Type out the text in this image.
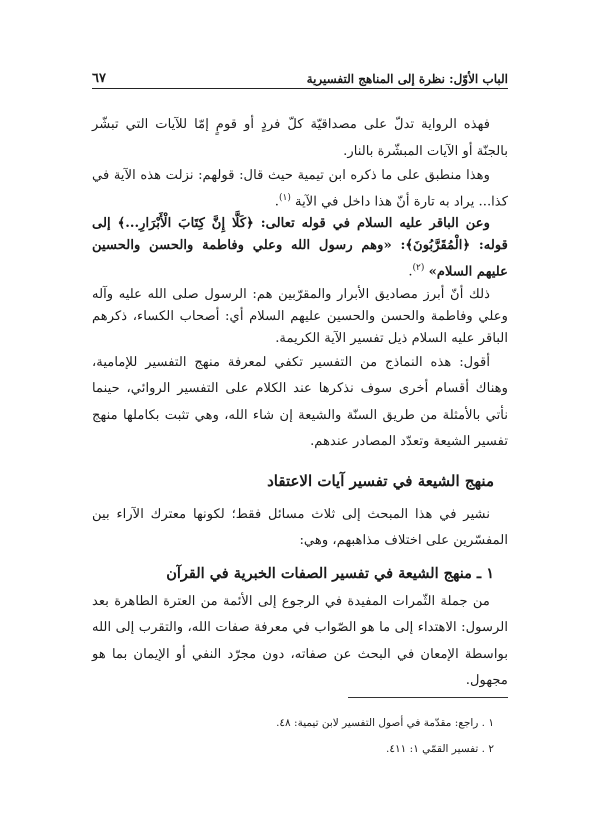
الباب الأوّل: نظرة إلى المناهج التفسيرية
٦٧

فهذه الرواية تدلّ على مصداقيّة كلّ فردٍ أو قومٍ إمّا للآيات التي تبشّر بالجنّة أو الآيات المبشّرة بالنار.

وهذا منطبق على ما ذكره ابن تيمية حيث قال: قولهم: نزلت هذه الآية في كذا... يراد به تارة أنّ هذا داخل في الآية $^{(١)}$.

وعن الباقر عليه السلام في قوله تعالى: ﴿كَلَّا إِنَّ كِتَابَ الْأَبْرَارِ...﴾ إلى قوله: ﴿الْمُقَرَّبُونَ﴾: «وهم رسول الله وعلي وفاطمة والحسن والحسين عليهم السلام» $^{(٢)}$.

ذلك أنّ أبرز مصاديق الأبرار والمقرّبين هم: الرسول صلى الله عليه وآله وعلي وفاطمة والحسن والحسين عليهم السلام أي: أصحاب الكساء، ذكرهم الباقر عليه السلام ذيل تفسير الآية الكريمة.

أقول: هذه النماذج من التفسير تكفي لمعرفة منهج التفسير للإمامية، وهناك أقسام أخرى سوف نذكرها عند الكلام على التفسير الروائي، حينما نأتي بالأمثلة من طريق السنّة والشيعة إن شاء الله، وهي تثبت بكاملها منهج تفسير الشيعة وتعدّد المصادر عندهم.

منهج الشيعة في تفسير آيات الاعتقاد

نشير في هذا المبحث إلى ثلاث مسائل فقط؛ لكونها معترك الآراء بين المفسّرين على اختلاف مذاهبهم، وهي:

١ ـ منهج الشيعة في تفسير الصفات الخبرية في القرآن

من جملة الثّمرات المفيدة في الرجوع إلى الأئمة من العترة الطاهرة بعد الرسول: الاهتداء إلى ما هو الصّواب في معرفة صفات الله، والتقرب إلى الله بواسطة الإمعان في البحث عن صفاته، دون مجرّد النفي أو الإيمان بما هو مجهول.

١ . راجع: مقدّمة في أصول التفسير لابن تيمية: ٤٨.
٢ . تفسير القمّي ١: ٤١١.
